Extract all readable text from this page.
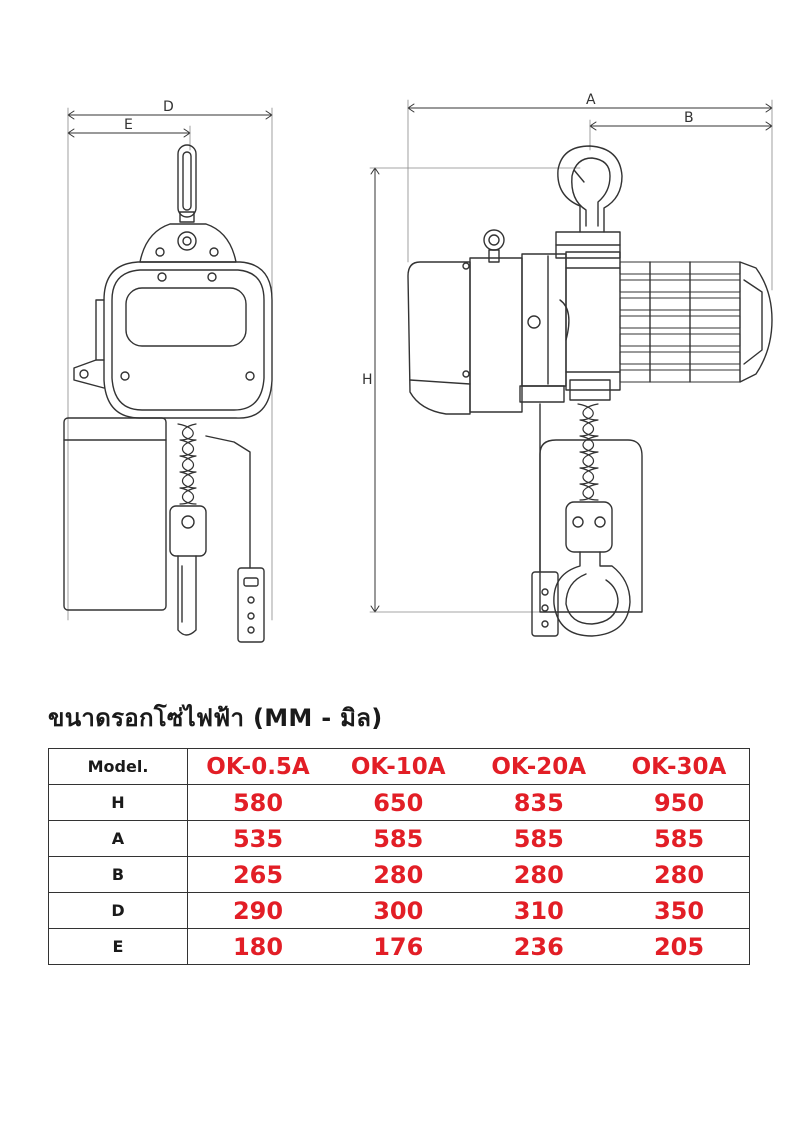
D
E
A
B
H
ขนาดรอกโซ่ไฟฟ้า (MM - มิล)
Model.	OK-0.5A	OK-10A	OK-20A	OK-30A
H	580	650	835	950
A	535	585	585	585
B	265	280	280	280
D	290	300	310	350
E	180	176	236	205
